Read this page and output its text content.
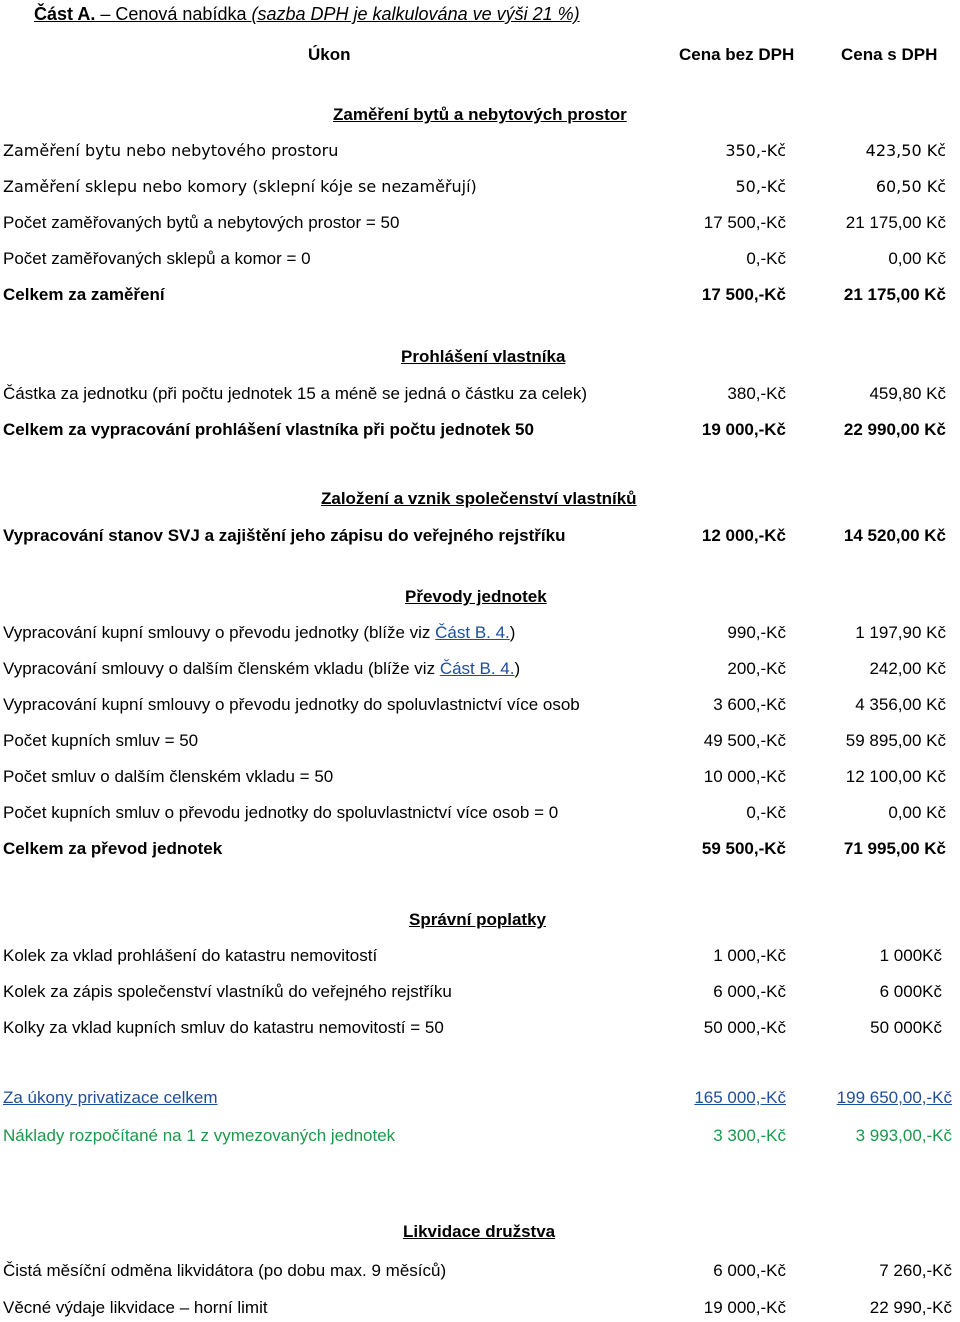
Část A. – Cenová nabídka (sazba DPH je kalkulována ve výši 21 %)
Úkon	Cena bez DPH	Cena s DPH
Zaměření bytů a nebytových prostor
Zaměření bytu nebo nebytového prostoru	350,-Kč	423,50 Kč
Zaměření sklepu nebo komory (sklepní kóje se nezaměřují)	50,-Kč	60,50 Kč
Počet zaměřovaných bytů a nebytových prostor = 50	17 500,-Kč	21 175,00 Kč
Počet zaměřovaných sklepů a komor = 0	0,-Kč	0,00 Kč
Celkem za zaměření	17 500,-Kč	21 175,00 Kč
Prohlášení vlastníka
Částka za jednotku (při počtu jednotek 15 a méně se jedná o částku za celek)	380,-Kč	459,80 Kč
Celkem za vypracování prohlášení vlastníka při počtu jednotek 50	19 000,-Kč	22 990,00 Kč
Založení a vznik společenství vlastníků
Vypracování stanov SVJ a zajištění jeho zápisu do veřejného rejstříku	12 000,-Kč	14 520,00 Kč
Převody jednotek
Vypracování kupní smlouvy o převodu jednotky (blíže viz Část B. 4.)	990,-Kč	1 197,90 Kč
Vypracování smlouvy o dalším členském vkladu (blíže viz Část B. 4.)	200,-Kč	242,00 Kč
Vypracování kupní smlouvy o převodu jednotky do spoluvlastnictví více osob	3 600,-Kč	4 356,00 Kč
Počet kupních smluv = 50	49 500,-Kč	59 895,00 Kč
Počet smluv o dalším členském vkladu = 50	10 000,-Kč	12 100,00 Kč
Počet kupních smluv o převodu jednotky do spoluvlastnictví více osob = 0	0,-Kč	0,00 Kč
Celkem za převod jednotek	59 500,-Kč	71 995,00 Kč
Správní poplatky
Kolek za vklad prohlášení do katastru nemovitostí	1 000,-Kč	1 000Kč
Kolek za zápis společenství vlastníků do veřejného rejstříku	6 000,-Kč	6 000Kč
Kolky za vklad kupních smluv do katastru nemovitostí = 50	50 000,-Kč	50 000Kč
Za úkony privatizace celkem	165 000,-Kč	199 650,00,-Kč
Náklady rozpočítané na 1 z vymezovaných jednotek	3 300,-Kč	3 993,00,-Kč
Likvidace družstva
Čistá měsíční odměna likvidátora (po dobu max. 9 měsíců)	6 000,-Kč	7 260,-Kč
Věcné výdaje likvidace – horní limit	19 000,-Kč	22 990,-Kč
